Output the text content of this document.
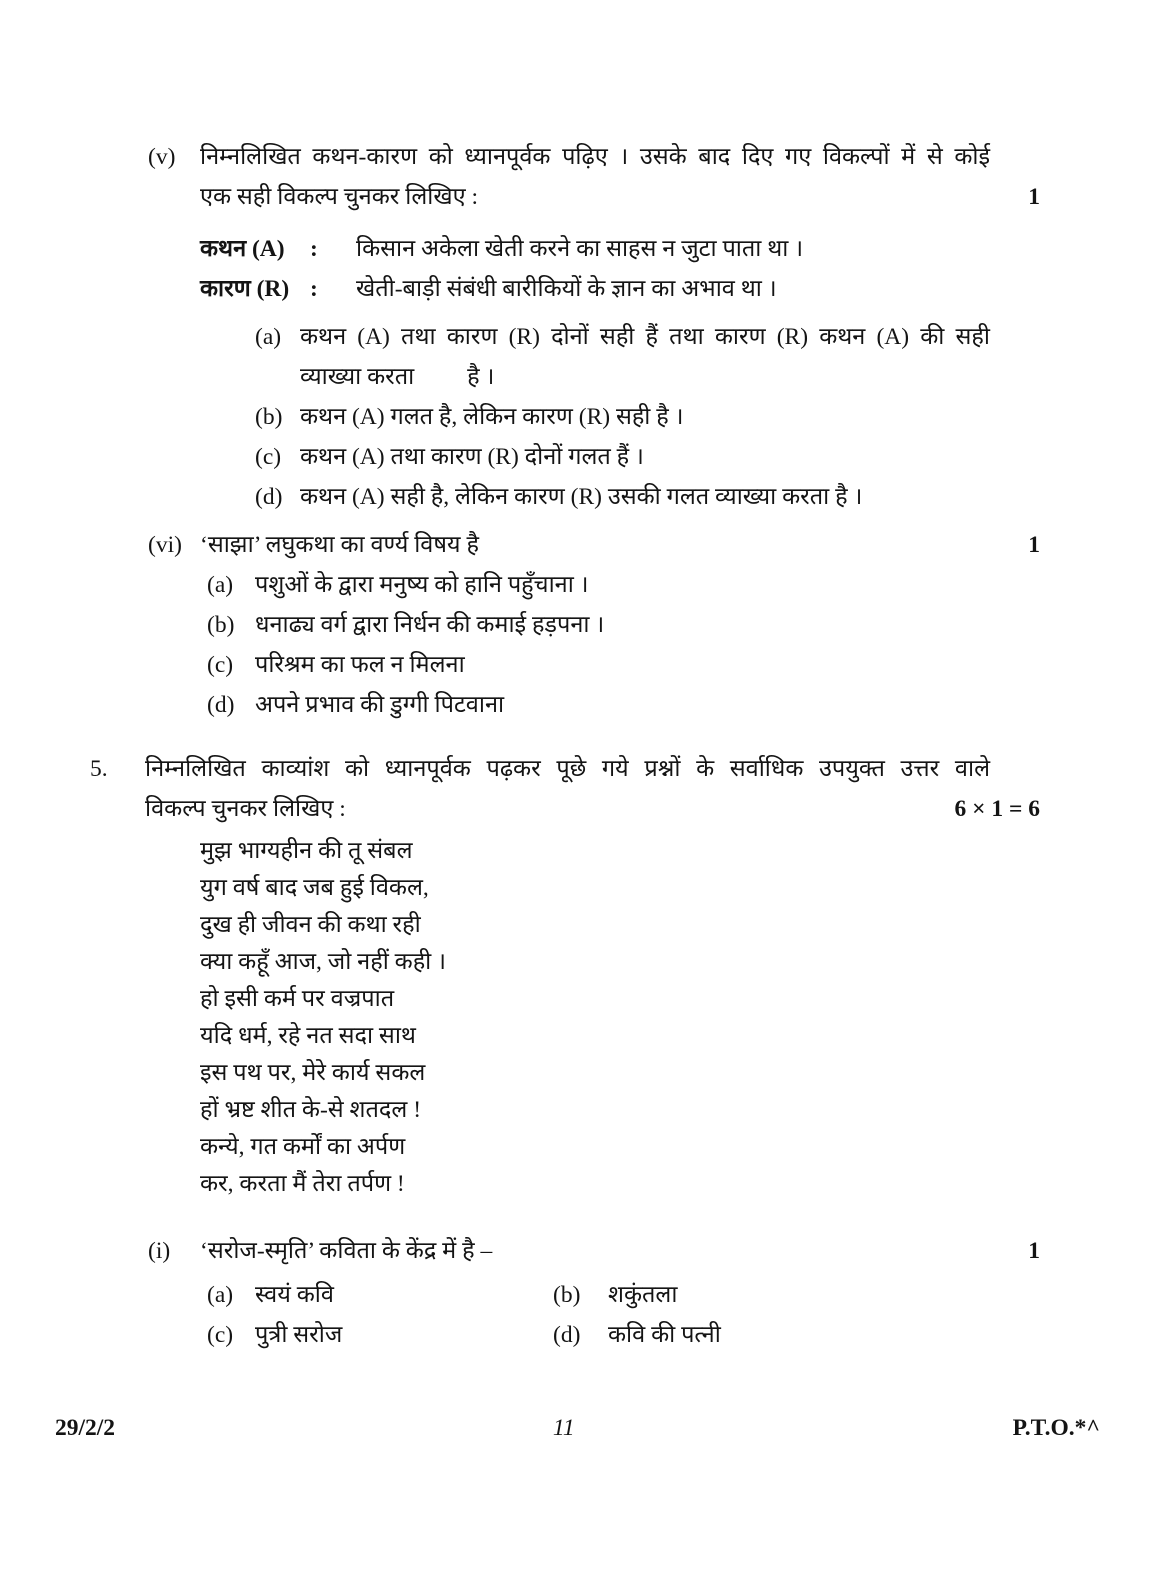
(v)	निम्नलिखित कथन-कारण को ध्यानपूर्वक पढ़िए । उसके बाद दिए गए विकल्पों में से कोई
एक सही विकल्प चुनकर लिखिए :	1
कथन (A)	:	किसान अकेला खेती करने का साहस न जुटा पाता था ।
कारण (R) :	खेती-बाड़ी संबंधी बारीकियों के ज्ञान का अभाव था ।
(a) कथन (A) तथा कारण (R) दोनों सही हैं तथा कारण (R) कथन (A) की सही
व्याख्या करता         है ।
(b) कथन (A) गलत है, लेकिन कारण (R) सही है ।
(c) कथन (A) तथा कारण (R) दोनों गलत हैं ।
(d) कथन (A) सही है, लेकिन कारण (R) उसकी गलत व्याख्या करता है ।
(vi) ‘साझा’ लघुकथा का वर्ण्य विषय है	1
(a) पशुओं के द्वारा मनुष्य को हानि पहुँचाना ।
(b) धनाढ्य वर्ग द्वारा निर्धन की कमाई हड़पना ।
(c) परिश्रम का फल न मिलना
(d) अपने प्रभाव की डुग्गी पिटवाना
5.	निम्नलिखित काव्यांश को ध्यानपूर्वक पढ़कर पूछे गये प्रश्नों के सर्वाधिक उपयुक्त उत्तर वाले
विकल्प चुनकर लिखिए :	6 × 1 = 6
मुझ भाग्यहीन की तू संबल
युग वर्ष बाद जब हुई विकल,
दुख ही जीवन की कथा रही
क्या कहूँ आज, जो नहीं कही ।
हो इसी कर्म पर वज्रपात
यदि धर्म, रहे नत सदा साथ
इस पथ पर, मेरे कार्य सकल
हों भ्रष्ट शीत के-से शतदल !
कन्ये, गत कर्मों का अर्पण
कर, करता मैं तेरा तर्पण !
(i)	‘सरोज-स्मृति’ कविता के केंद्र में है –	1
(a) स्वयं कवि	(b)	शकुंतला
(c) पुत्री सरोज	(d)	कवि की पत्नी
29/2/2	11	P.T.O.*^
